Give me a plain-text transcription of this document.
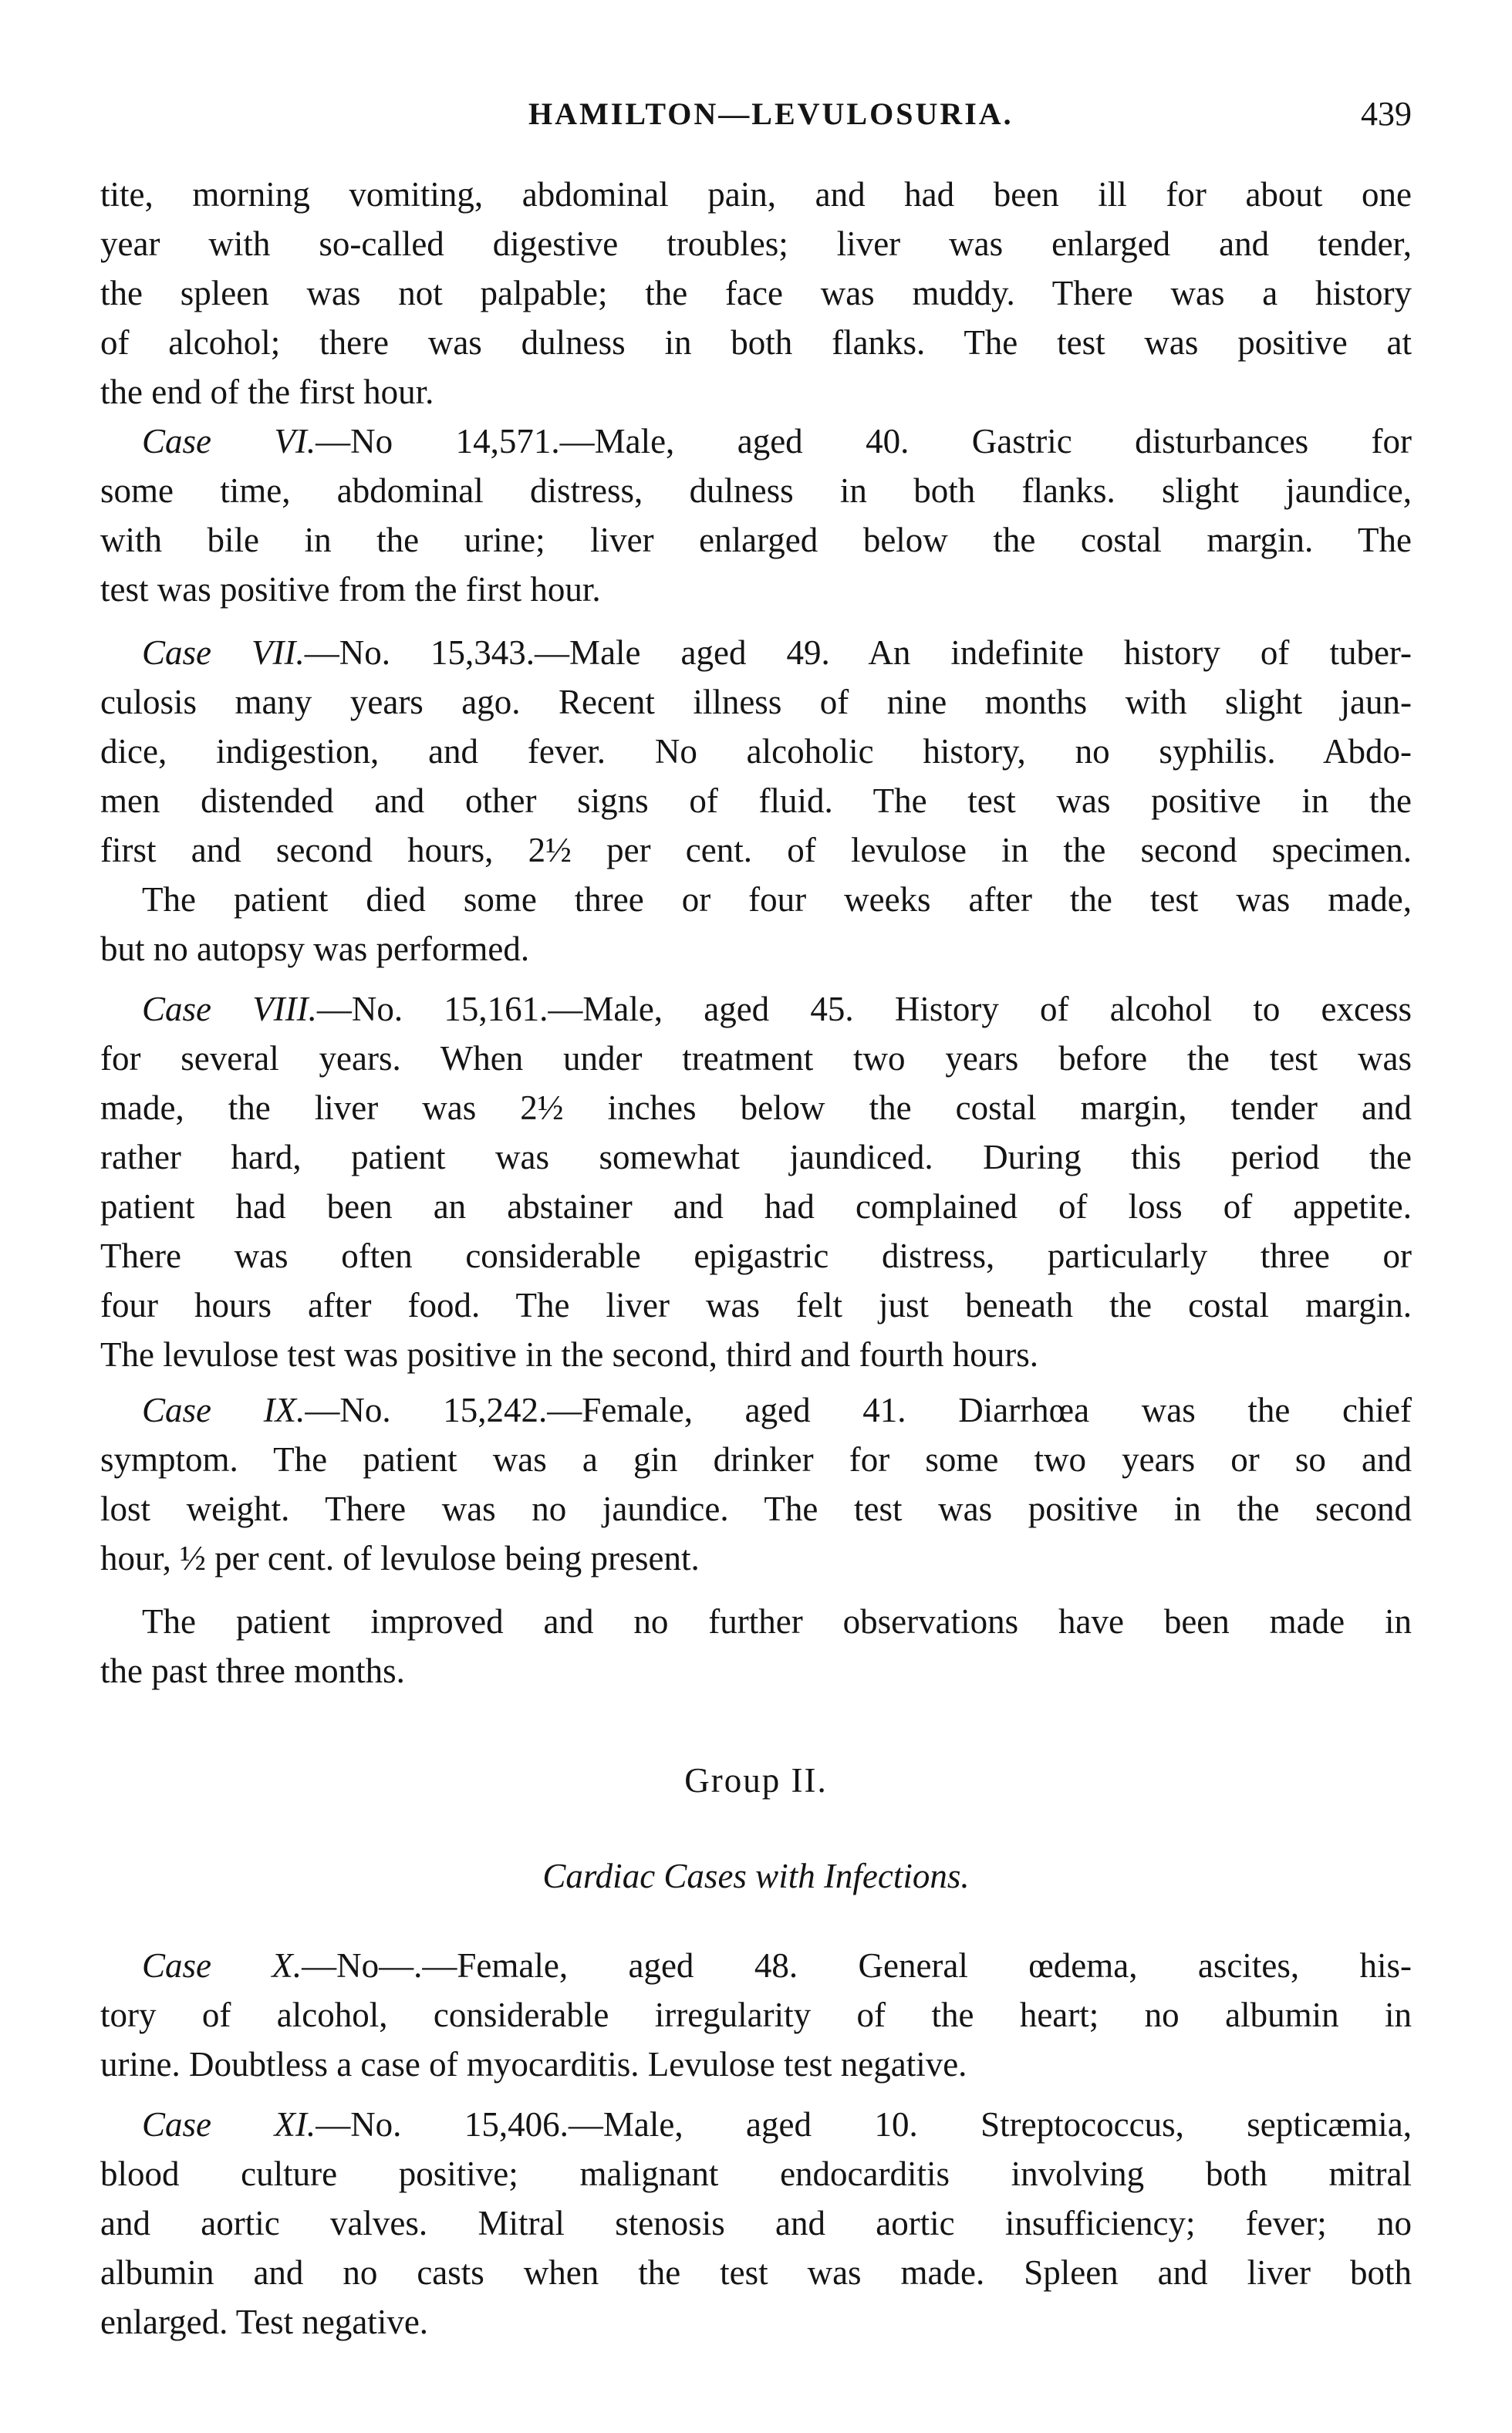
HAMILTON—LEVULOSURIA.	439
tite, morning vomiting, abdominal pain, and had been ill for about one
year with so-called digestive troubles; liver was enlarged and tender,
the spleen was not palpable; the face was muddy. There was a history
of alcohol; there was dulness in both flanks. The test was positive at
the end of the first hour.
Case VI.—No 14,571.—Male, aged 40. Gastric disturbances for
some time, abdominal distress, dulness in both flanks. slight jaundice,
with bile in the urine; liver enlarged below the costal margin. The
test was positive from the first hour.
Case VII.—No. 15,343.—Male aged 49. An indefinite history of tuber-
culosis many years ago. Recent illness of nine months with slight jaun-
dice, indigestion, and fever. No alcoholic history, no syphilis. Abdo-
men distended and other signs of fluid. The test was positive in the
first and second hours, 2½ per cent. of levulose in the second specimen.
The patient died some three or four weeks after the test was made,
but no autopsy was performed.
Case VIII.—No. 15,161.—Male, aged 45. History of alcohol to excess
for several years. When under treatment two years before the test was
made, the liver was 2½ inches below the costal margin, tender and
rather hard, patient was somewhat jaundiced. During this period the
patient had been an abstainer and had complained of loss of appetite.
There was often considerable epigastric distress, particularly three or
four hours after food. The liver was felt just beneath the costal margin.
The levulose test was positive in the second, third and fourth hours.
Case IX.—No. 15,242.—Female, aged 41. Diarrhœa was the chief
symptom. The patient was a gin drinker for some two years or so and
lost weight. There was no jaundice. The test was positive in the second
hour, ½ per cent. of levulose being present.
The patient improved and no further observations have been made in
the past three months.
Group II.
Cardiac Cases with Infections.
Case X.—No—.—Female, aged 48. General œdema, ascites, his-
tory of alcohol, considerable irregularity of the heart; no albumin in
urine. Doubtless a case of myocarditis. Levulose test negative.
Case XI.—No. 15,406.—Male, aged 10. Streptococcus, septicæmia,
blood culture positive; malignant endocarditis involving both mitral
and aortic valves. Mitral stenosis and aortic insufficiency; fever; no
albumin and no casts when the test was made. Spleen and liver both
enlarged. Test negative.
